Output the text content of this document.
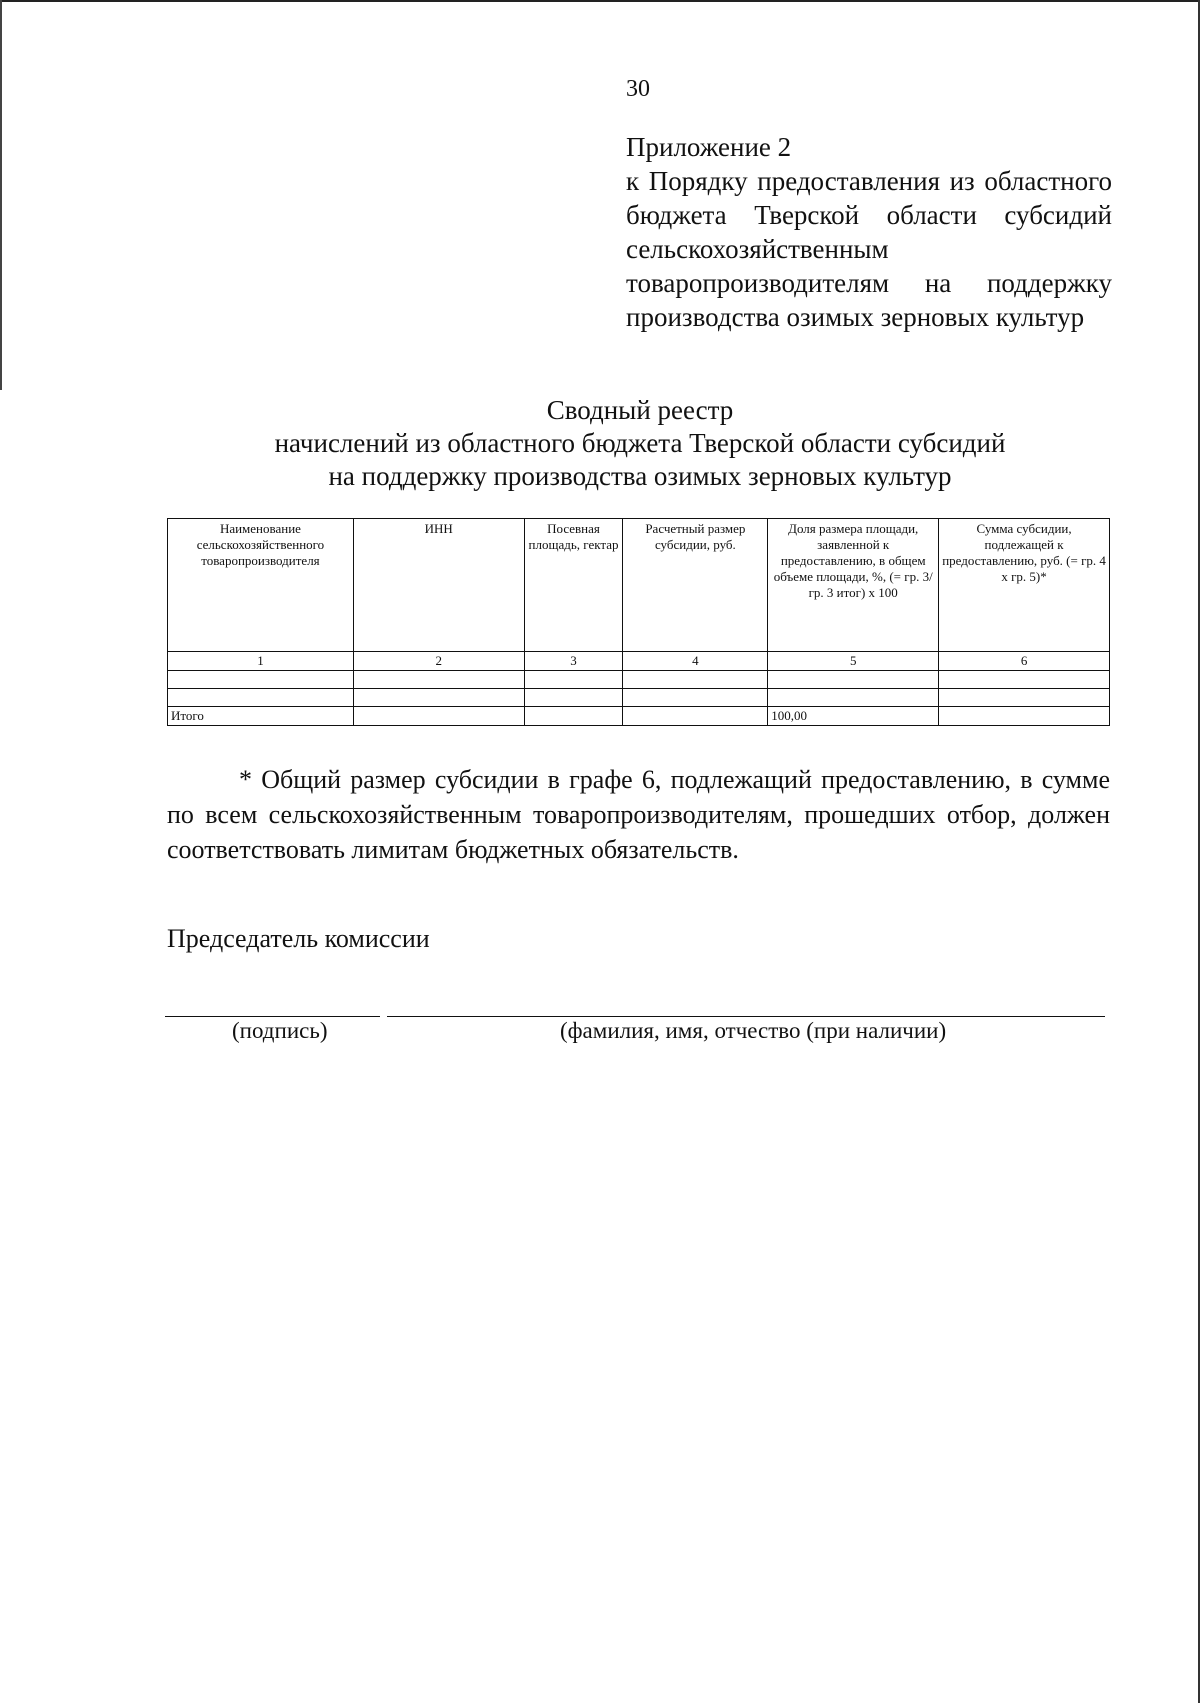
30
Приложение 2
к Порядку предоставления из областного бюджета Тверской области субсидий сельскохозяйственным товаропроизводителям на поддержку производства озимых зерновых культур
Сводный реестр
начислений из областного бюджета Тверской области субсидий
на поддержку производства озимых зерновых культур
Наименование сельскохозяйственного товаропроизводителя	ИНН	Посевная площадь, гектар	Расчетный размер субсидии, руб.	Доля размера площади, заявленной к предоставлению, в общем объеме площади, %, (= гр. 3/гр. 3 итог) х 100	Сумма субсидии, подлежащей к предоставлению, руб. (= гр. 4 х гр. 5)*
1	2	3	4	5	6

Итого				100,00	
* Общий размер субсидии в графе 6, подлежащий предоставлению, в сумме по всем сельскохозяйственным товаропроизводителям, прошедших отбор, должен соответствовать лимитам бюджетных обязательств.
Председатель комиссии
(подпись)	(фамилия, имя, отчество (при наличии)
